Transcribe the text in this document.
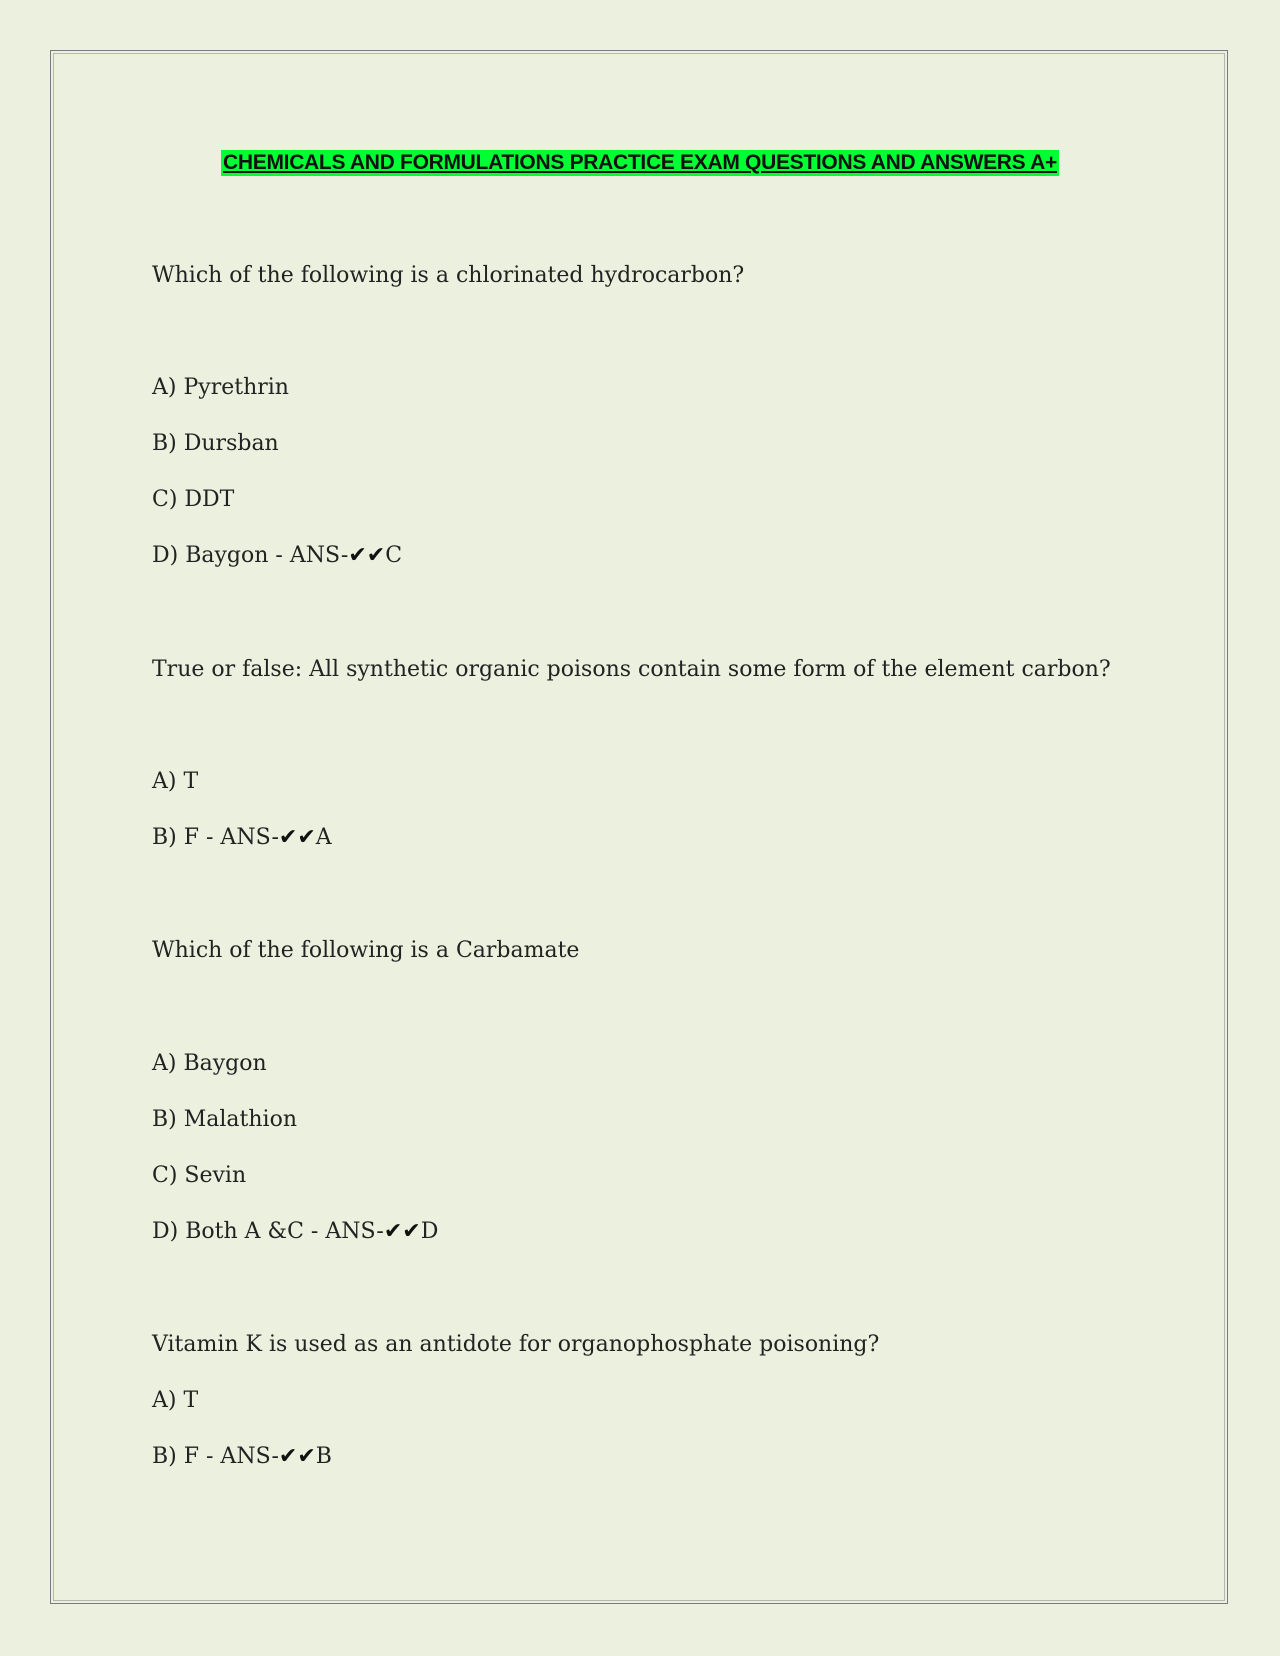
CHEMICALS AND FORMULATIONS PRACTICE EXAM QUESTIONS AND ANSWERS A+
Which of the following is a chlorinated hydrocarbon?
A) Pyrethrin
B) Dursban
C) DDT
D) Baygon - ANS-✔✔C
True or false: All synthetic organic poisons contain some form of the element carbon?
A) T
B) F - ANS-✔✔A
Which of the following is a Carbamate
A) Baygon
B) Malathion
C) Sevin
D) Both A &C - ANS-✔✔D
Vitamin K is used as an antidote for organophosphate poisoning?
A) T
B) F - ANS-✔✔B
